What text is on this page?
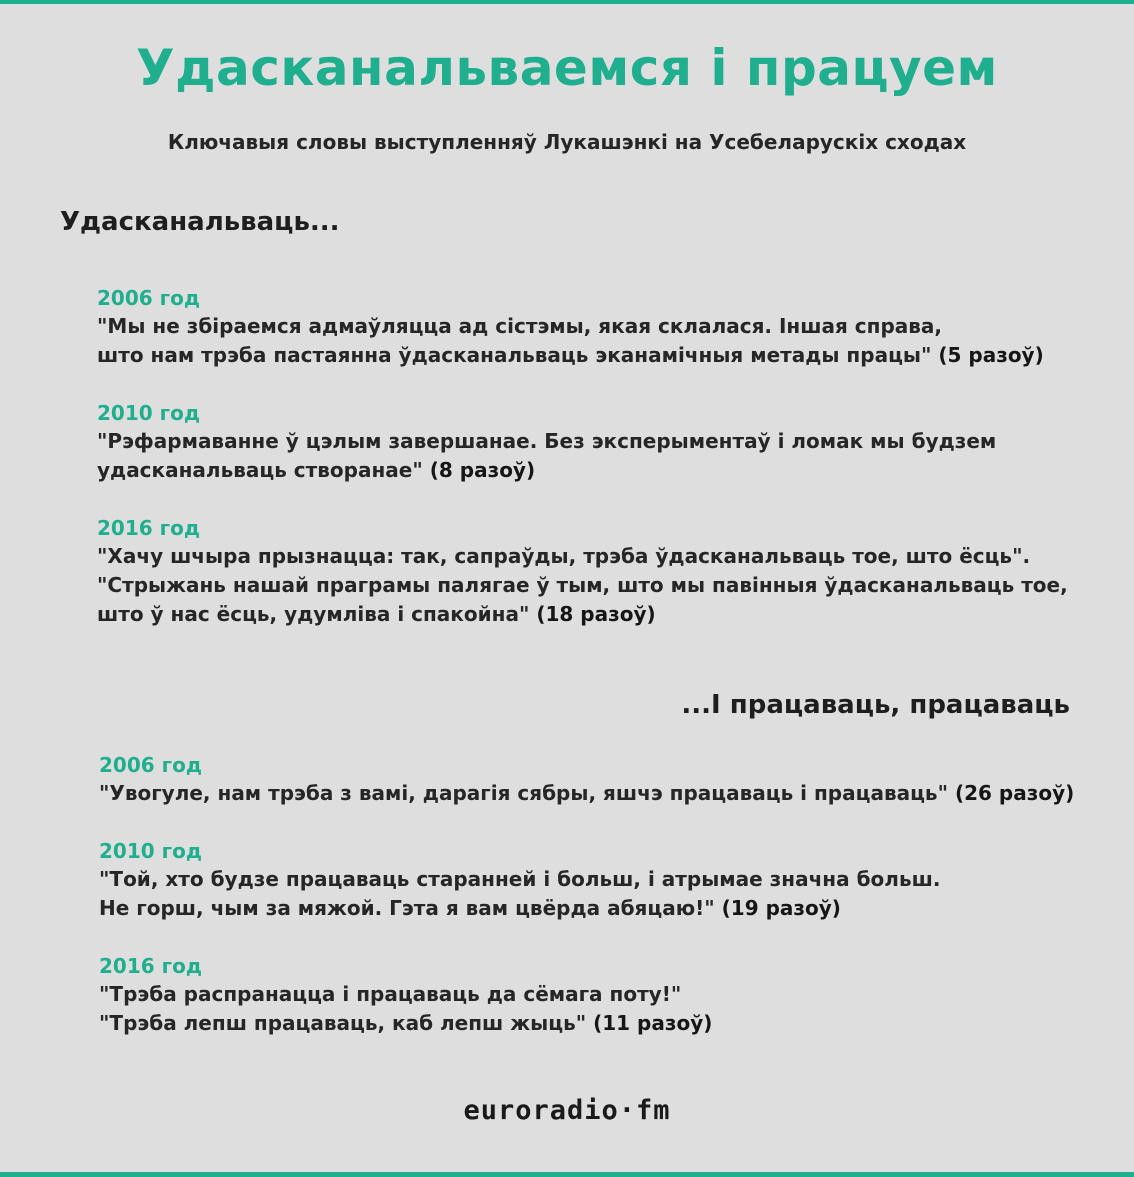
Удасканальваемся і працуем
Ключавыя словы выступленняў Лукашэнкі на Усебеларускіх сходах
Удасканальваць...
2006 год
"Мы не збіраемся адмаўляцца ад сістэмы, якая склалася. Іншая справа,
што нам трэба пастаянна ўдасканальваць эканамічныя метады працы" (5 разоў)
2010 год
"Рэфармаванне ў цэлым завершанае. Без эксперыментаў і ломак мы будзем
удасканальваць створанае" (8 разоў)
2016 год
"Хачу шчыра прызнацца: так, сапраўды, трэба ўдасканальваць тое, што ёсць".
"Стрыжань нашай праграмы палягае ў тым, што мы павінныя ўдасканальваць тое,
што ў нас ёсць, удумліва і спакойна" (18 разоў)
...І працаваць, працаваць
2006 год
"Увогуле, нам трэба з вамі, дарагія сябры, яшчэ працаваць і працаваць" (26 разоў)
2010 год
"Той, хто будзе працаваць старанней і больш, і атрымае значна больш.
Не горш, чым за мяжой. Гэта я вам цвёрда абяцаю!" (19 разоў)
2016 год
"Трэба распранацца і працаваць да сёмага поту!"
"Трэба лепш працаваць, каб лепш жыць" (11 разоў)
euroradio·fm
